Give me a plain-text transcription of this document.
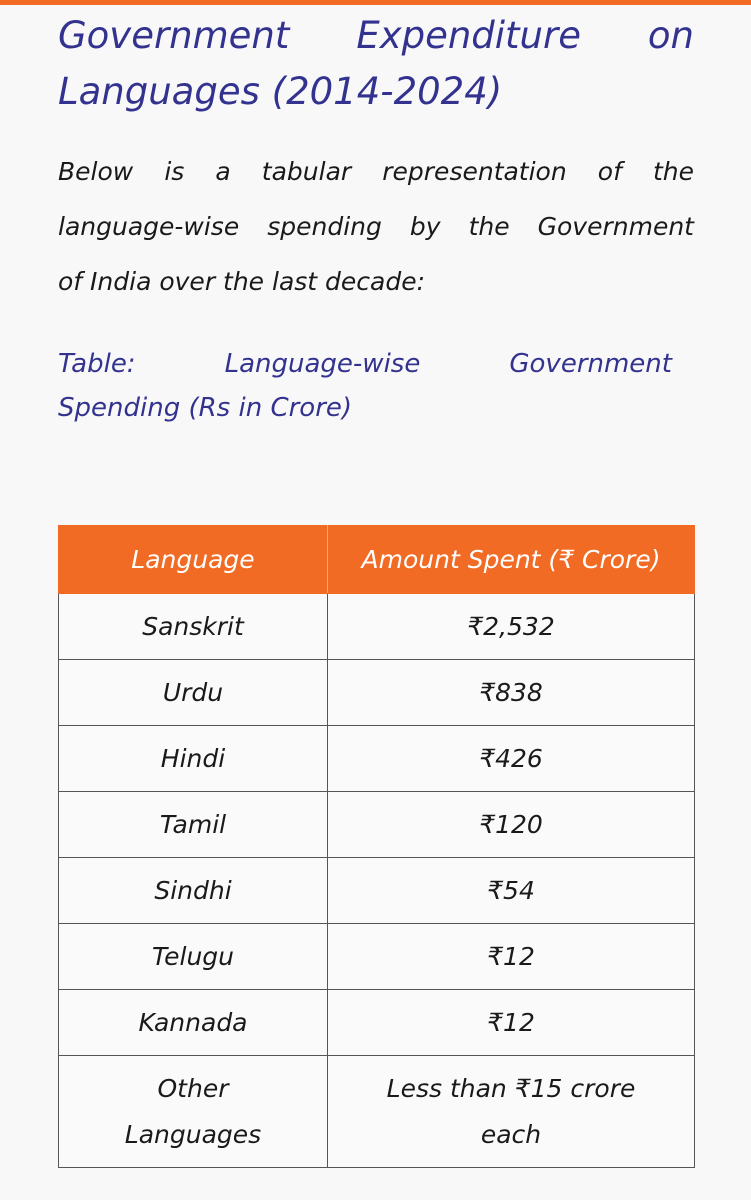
Government Expenditure on
Languages (2014-2024)

Below is a tabular representation of the
language-wise spending by the Government
of India over the last decade:

Table:	Language-wise	Government
Spending (Rs in Crore)

Language	Amount Spent (₹ Crore)
Sanskrit	₹2,532
Urdu	₹838
Hindi	₹426
Tamil	₹120
Sindhi	₹54
Telugu	₹12
Kannada	₹12
Other Languages	Less than ₹15 crore each
